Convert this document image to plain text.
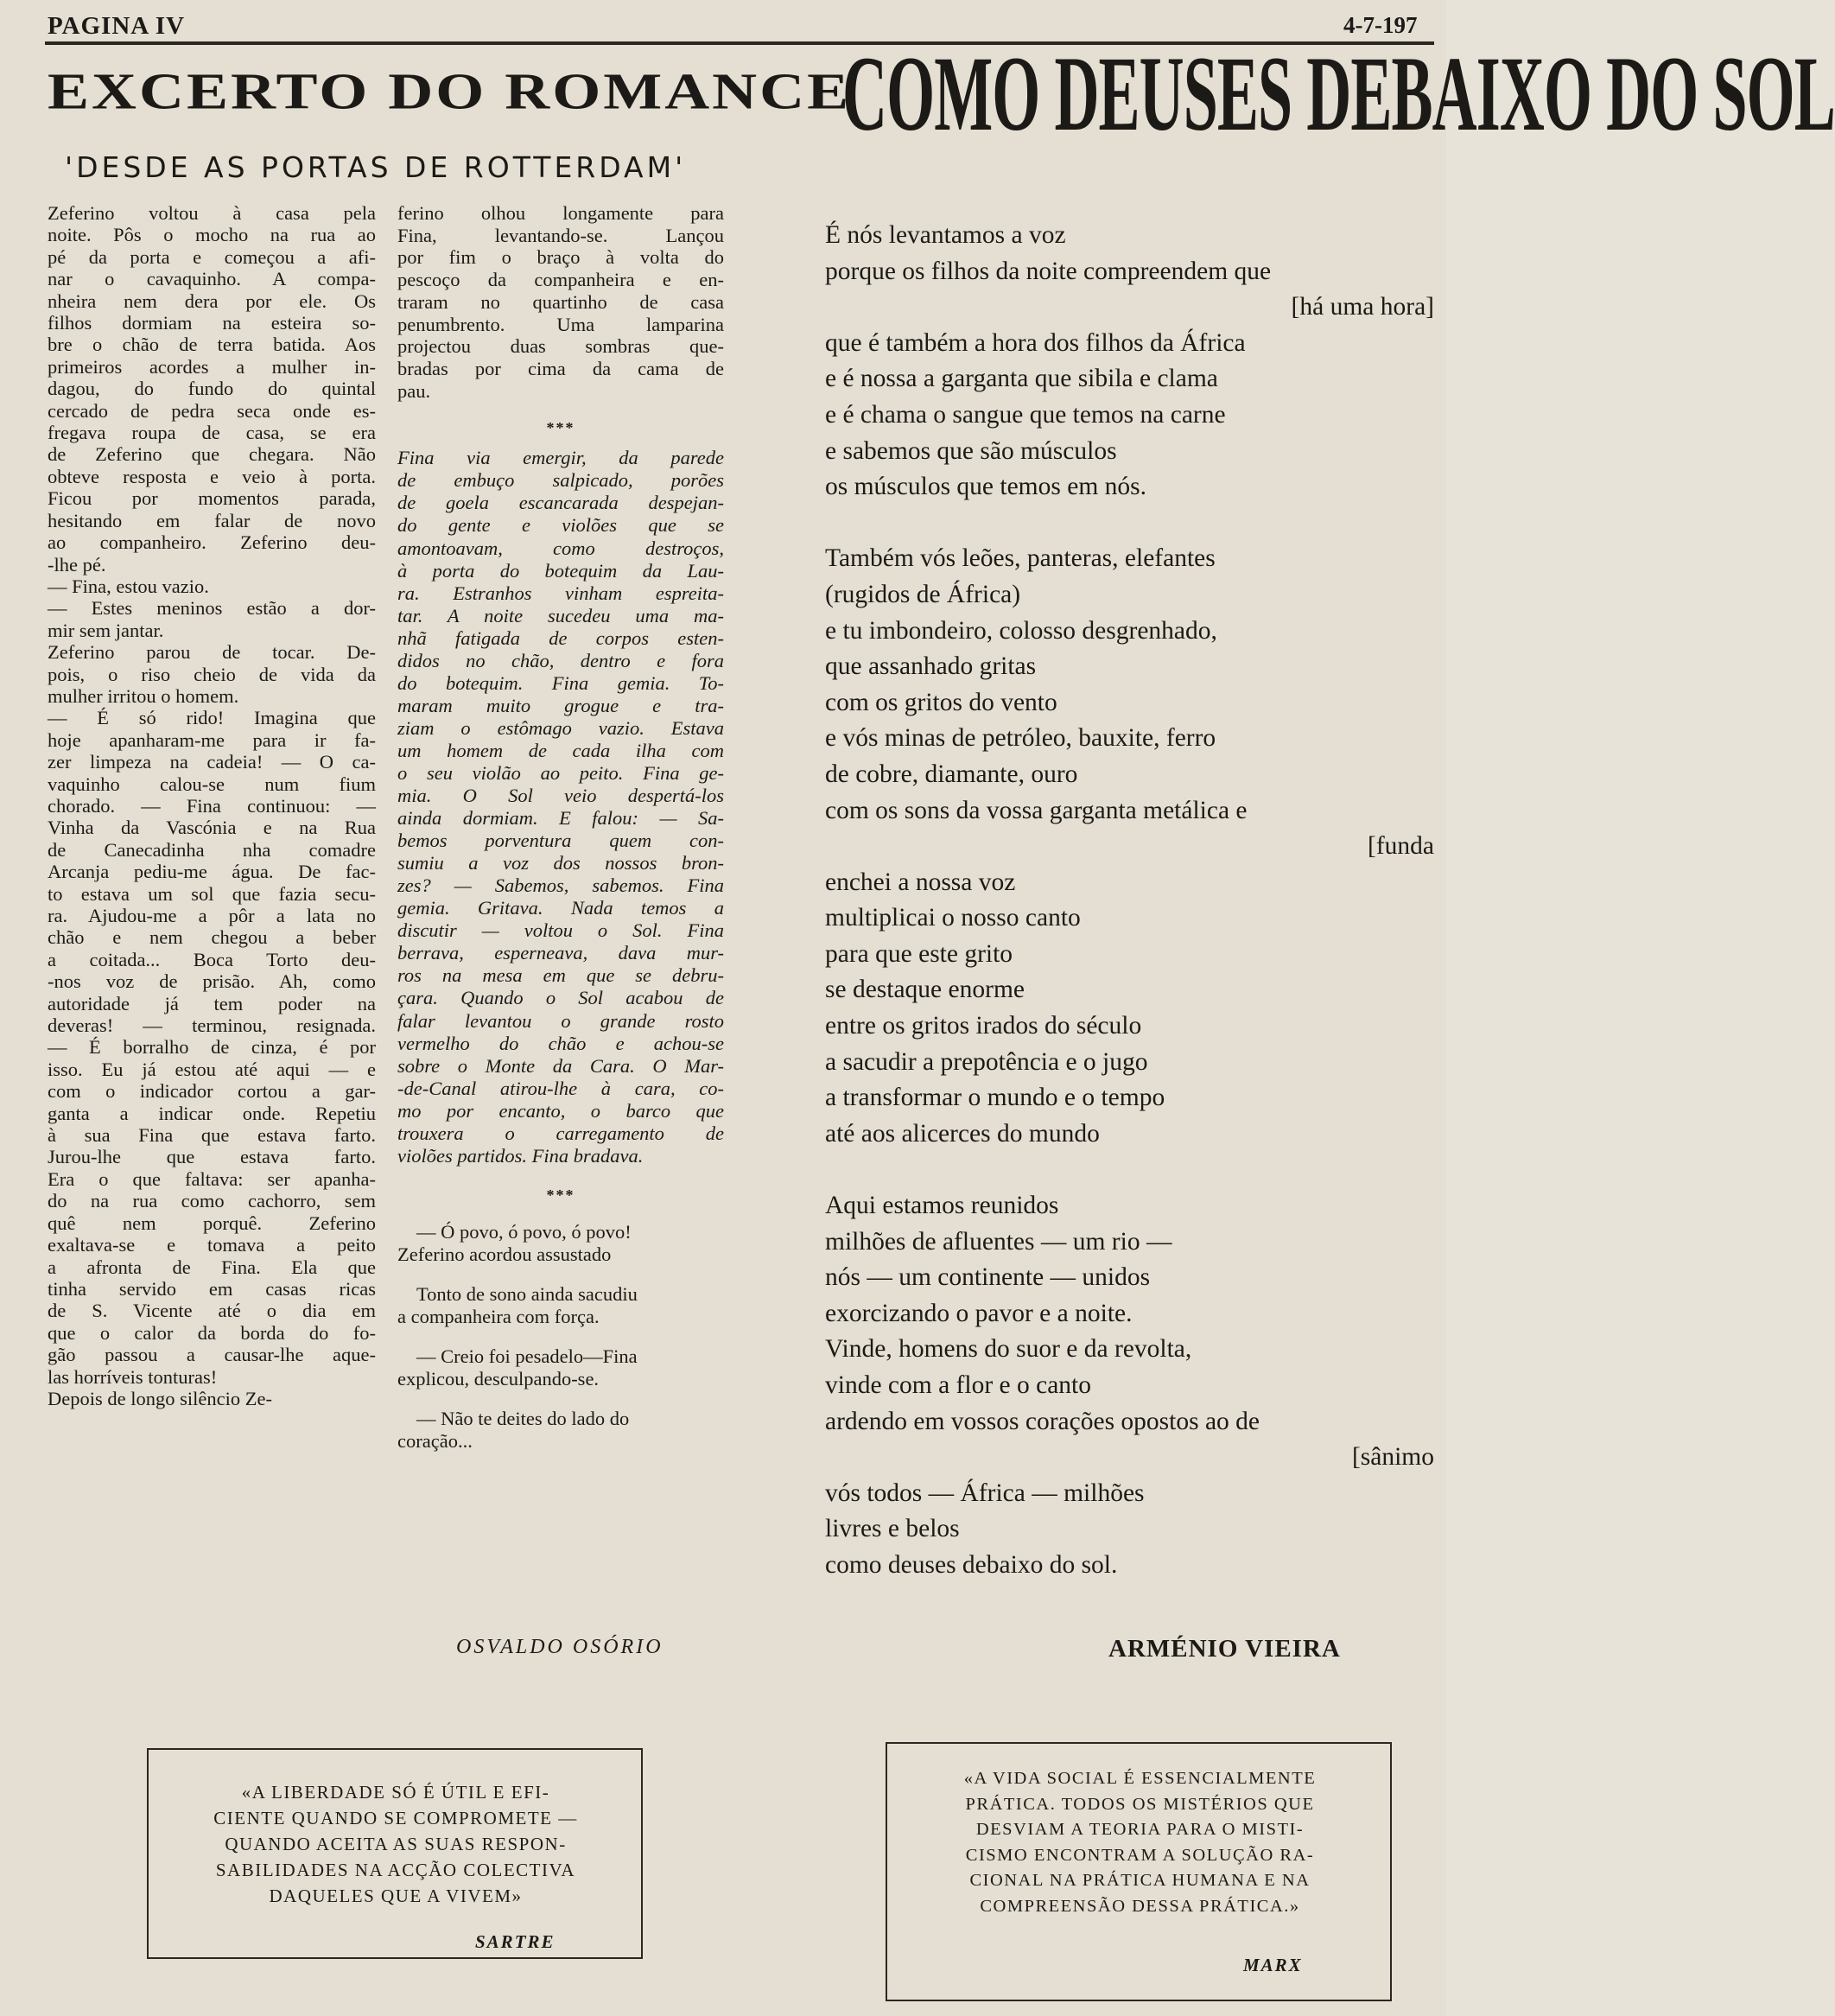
PAGINA IV	4-7-197
EXCERTO DO ROMANCE
'DESDE AS PORTAS DE ROTTERDAM'
Zeferino voltou à casa pela
noite. Pôs o mocho na rua ao
pé da porta e começou a afi-
nar o cavaquinho. A compa-
nheira nem dera por ele. Os
filhos dormiam na esteira so-
bre o chão de terra batida. Aos
primeiros acordes a mulher in-
dagou, do fundo do quintal
cercado de pedra seca onde es-
fregava roupa de casa, se era
de Zeferino que chegara. Não
obteve resposta e veio à porta.
Ficou por momentos parada,
hesitando em falar de novo
ao companheiro. Zeferino deu-
-lhe pé.
— Fina, estou vazio.
— Estes meninos estão a dor-
mir sem jantar.
Zeferino parou de tocar. De-
pois, o riso cheio de vida da
mulher irritou o homem.
— É só rido! Imagina que
hoje apanharam-me para ir fa-
zer limpeza na cadeia! — O ca-
vaquinho calou-se num fium
chorado. — Fina continuou: —
Vinha da Vascónia e na Rua
de Canecadinha nha comadre
Arcanja pediu-me água. De fac-
to estava um sol que fazia secu-
ra. Ajudou-me a pôr a lata no
chão e nem chegou a beber
a coitada... Boca Torto deu-
-nos voz de prisão. Ah, como
autoridade já tem poder na
deveras! — terminou, resignada.
— É borralho de cinza, é por
isso. Eu já estou até aqui — e
com o indicador cortou a gar-
ganta a indicar onde. Repetiu
à sua Fina que estava farto.
Jurou-lhe que estava farto.
Era o que faltava: ser apanha-
do na rua como cachorro, sem
quê nem porquê. Zeferino
exaltava-se e tomava a peito
a afronta de Fina. Ela que
tinha servido em casas ricas
de S. Vicente até o dia em
que o calor da borda do fo-
gão passou a causar-lhe aque-
las horríveis tonturas!
Depois de longo silêncio Ze-
ferino olhou longamente para
Fina, levantando-se. Lançou
por fim o braço à volta do
pescoço da companheira e en-
traram no quartinho de casa
penumbrento. Uma lamparina
projectou duas sombras que-
bradas por cima da cama de
pau.
***
Fina via emergir, da parede
de embuço salpicado, porões
de goela escancarada despejan-
do gente e violões que se
amontoavam, como destroços,
à porta do botequim da Lau-
ra. Estranhos vinham espreita-
tar. A noite sucedeu uma ma-
nhã fatigada de corpos esten-
didos no chão, dentro e fora
do botequim. Fina gemia. To-
maram muito grogue e tra-
ziam o estômago vazio. Estava
um homem de cada ilha com
o seu violão ao peito. Fina ge-
mia. O Sol veio despertá-los
ainda dormiam. E falou: — Sa-
bemos porventura quem con-
sumiu a voz dos nossos bron-
zes? — Sabemos, sabemos. Fina
gemia. Gritava. Nada temos a
discutir — voltou o Sol. Fina
berrava, esperneava, dava mur-
ros na mesa em que se debru-
çara. Quando o Sol acabou de
falar levantou o grande rosto
vermelho do chão e achou-se
sobre o Monte da Cara. O Mar-
-de-Canal atirou-lhe à cara, co-
mo por encanto, o barco que
trouxera o carregamento de
violões partidos. Fina bradava.
***
— Ó povo, ó povo, ó povo!
Zeferino acordou assustado
Tonto de sono ainda sacudiu
a companheira com força.
— Creio foi pesadelo—Fina
explicou, desculpando-se.
— Não te deites do lado do
coração...
OSVALDO OSÓRIO
COMO DEUSES DEBAIXO DO SOL
É nós levantamos a voz
porque os filhos da noite compreendem que
[há uma hora]
que é também a hora dos filhos da África
e é nossa a garganta que sibila e clama
e é chama o sangue que temos na carne
e sabemos que são músculos
os músculos que temos em nós.
Também vós leões, panteras, elefantes
(rugidos de África)
e tu imbondeiro, colosso desgrenhado,
que assanhado gritas
com os gritos do vento
e vós minas de petróleo, bauxite, ferro
de cobre, diamante, ouro
com os sons da vossa garganta metálica e
[funda
enchei a nossa voz
multiplicai o nosso canto
para que este grito
se destaque enorme
entre os gritos irados do século
a sacudir a prepotência e o jugo
a transformar o mundo e o tempo
até aos alicerces do mundo
Aqui estamos reunidos
milhões de afluentes — um rio —
nós — um continente — unidos
exorcizando o pavor e a noite.
Vinde, homens do suor e da revolta,
vinde com a flor e o canto
ardendo em vossos corações opostos ao de
[sânimo
vós todos — África — milhões
livres e belos
como deuses debaixo do sol.
ARMÉNIO VIEIRA
«A LIBERDADE SÓ É ÚTIL E EFI-
CIENTE QUANDO SE COMPROMETE —
QUANDO ACEITA AS SUAS RESPON-
SABILIDADES NA ACÇÃO COLECTIVA
DAQUELES QUE A VIVEM»
SARTRE
«A VIDA SOCIAL É ESSENCIALMENTE
PRÁTICA. TODOS OS MISTÉRIOS QUE
DESVIAM A TEORIA PARA O MISTI-
CISMO ENCONTRAM A SOLUÇÃO RA-
CIONAL NA PRÁTICA HUMANA E NA
COMPREENSÃO DESSA PRÁTICA.»
MARX
